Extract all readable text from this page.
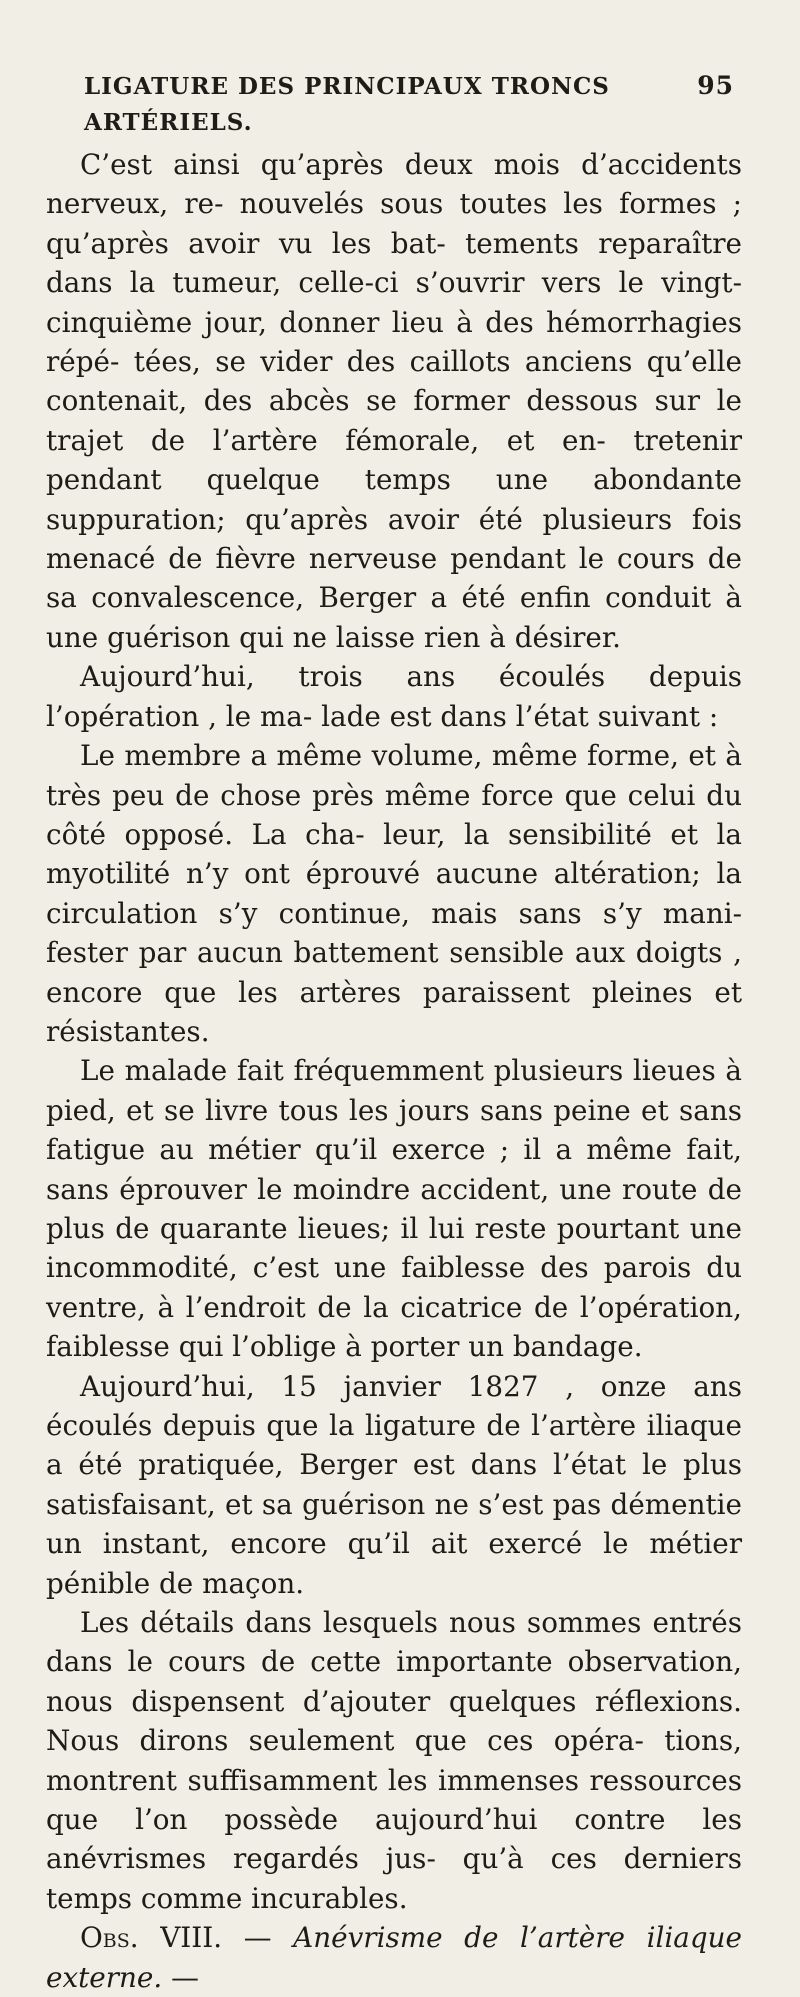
LIGATURE DES PRINCIPAUX TRONCS ARTÉRIELS.
95

C’est ainsi qu’après deux mois d’accidents nerveux, re- nouvelés sous toutes les formes ; qu’après avoir vu les bat- tements reparaître dans la tumeur, celle-ci s’ouvrir vers le vingt-cinquième jour, donner lieu à des hémorrhagies répé- tées, se vider des caillots anciens qu’elle contenait, des abcès se former dessous sur le trajet de l’artère fémorale, et en- tretenir pendant quelque temps une abondante suppuration; qu’après avoir été plusieurs fois menacé de fièvre nerveuse pendant le cours de sa convalescence, Berger a été enfin conduit à une guérison qui ne laisse rien à désirer.

Aujourd’hui, trois ans écoulés depuis l’opération , le ma- lade est dans l’état suivant :

Le membre a même volume, même forme, et à très peu de chose près même force que celui du côté opposé. La cha- leur, la sensibilité et la myotilité n’y ont éprouvé aucune altération; la circulation s’y continue, mais sans s’y mani- fester par aucun battement sensible aux doigts , encore que les artères paraissent pleines et résistantes.

Le malade fait fréquemment plusieurs lieues à pied, et se livre tous les jours sans peine et sans fatigue au métier qu’il exerce ; il a même fait, sans éprouver le moindre accident, une route de plus de quarante lieues; il lui reste pourtant une incommodité, c’est une faiblesse des parois du ventre, à l’endroit de la cicatrice de l’opération, faiblesse qui l’oblige à porter un bandage.

Aujourd’hui, 15 janvier 1827 , onze ans écoulés depuis que la ligature de l’artère iliaque a été pratiquée, Berger est dans l’état le plus satisfaisant, et sa guérison ne s’est pas démentie un instant, encore qu’il ait exercé le métier pénible de maçon.

Les détails dans lesquels nous sommes entrés dans le cours de cette importante observation, nous dispensent d’ajouter quelques réflexions. Nous dirons seulement que ces opéra- tions, montrent suffisamment les immenses ressources que l’on possède aujourd’hui contre les anévrismes regardés jus- qu’à ces derniers temps comme incurables.

Obs. VIII. — Anévrisme de l’artère iliaque externe. —
